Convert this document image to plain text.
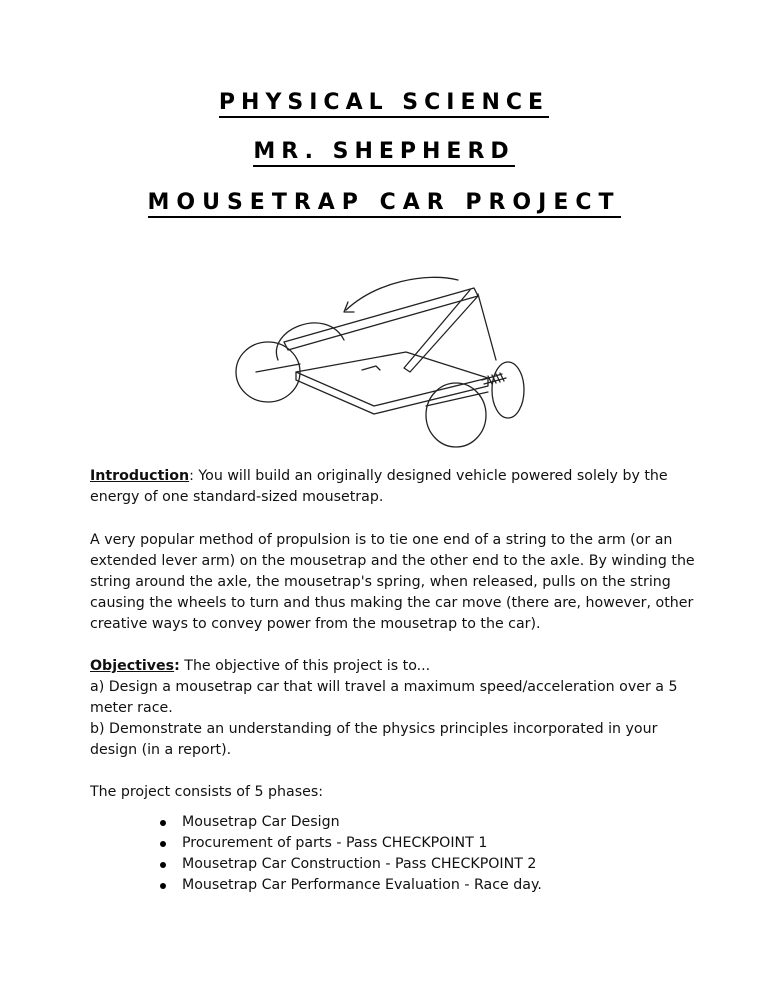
PHYSICAL SCIENCE
MR. SHEPHERD
MOUSETRAP CAR PROJECT
Introduction: You will build an originally designed vehicle powered solely by the energy of one standard-sized mousetrap.
A very popular method of propulsion is to tie one end of a string to the arm (or an extended lever arm) on the mousetrap and the other end to the axle. By winding the string around the axle, the mousetrap's spring, when released, pulls on the string causing the wheels to turn and thus making the car move (there are, however, other creative ways to convey power from the mousetrap to the car).
Objectives: The objective of this project is to...
a) Design a mousetrap car that will travel a maximum speed/acceleration over a 5 meter race.
b) Demonstrate an understanding of the physics principles incorporated in your design (in a report).
The project consists of 5 phases:
Mousetrap Car Design
Procurement of parts - Pass CHECKPOINT 1
Mousetrap Car Construction - Pass CHECKPOINT 2
Mousetrap Car Performance Evaluation - Race day.
